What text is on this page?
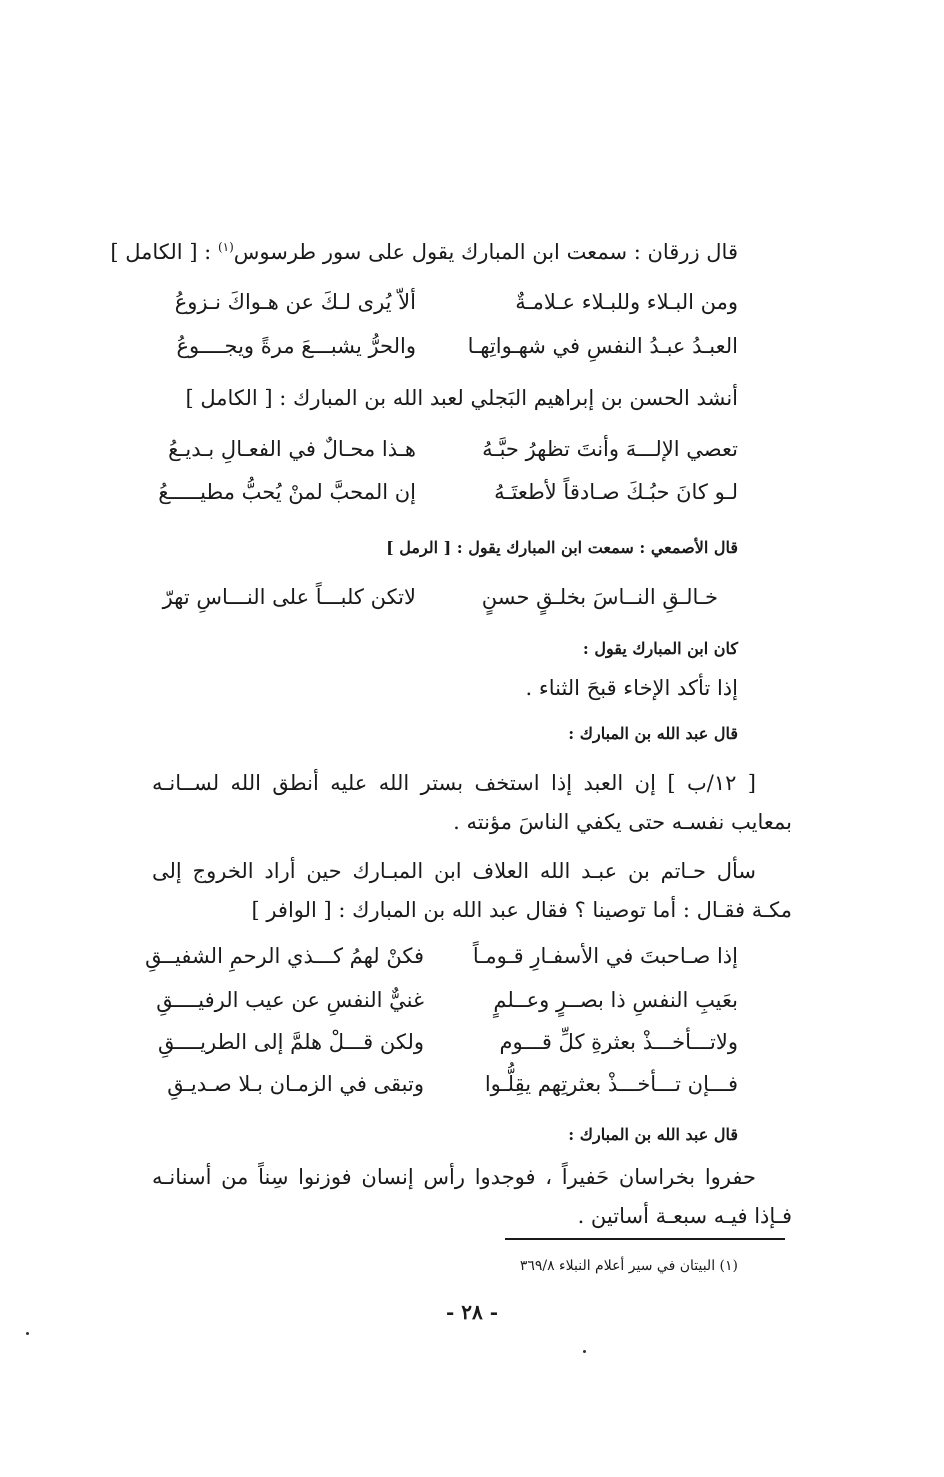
قال زرقان : سمعت ابن المبارك يقول على سور طرسوس$^{(١)}$ : [ الكامل ]
ومن البـلاء وللبـلاء عـلامـةٌ
ألاّ يُرى لـكَ عن هـواكَ نـزوعُ
العبـدُ عبـدُ النفسِ في شهـواتِهـا
والحرُّ يشبـــعَ مرةً ويجــــوعُ
أنشد الحسن بن إبراهيم البَجلي لعبد الله بن المبارك : [ الكامل ]
تعصي الإلـــهَ وأنتَ تظهرُ حبَّـهُ
هـذا محـالٌ في الفعـالِ بـديـعُ
لـو كانَ حبُـكَ صـادقاً لأطعتَـهُ
إن المحبَّ لمنْ يُحبُّ مطيـــــعُ
قال الأصمعي : سمعت ابن المبارك يقول : [ الرمل ]
خـالـقِ النــاسَ بخلـقٍ حسنٍ
لاتكن كلبـــاً على النـــاسِ تهرّ
كان ابن المبارك يقول :
إذا تأكد الإخاء قبحَ الثناء .
قال عبد الله بن المبارك :
[ ١٢/ب ] إن العبد إذا استخف بستر الله عليه أنطق الله لســانـه بمعايب نفسـه حتى يكفي الناسَ مؤنته .
سأل حـاتم بن عبـد الله العلاف ابن المبـارك حين أراد الخروج إلى مكـة فقـال : أما توصينا ؟ فقال عبد الله بن المبارك : [ الوافر ]
إذا صـاحبتَ في الأسفـارِ قـومـاً
فكنْ لهمُ كـــذي الرحمِ الشفيــقِ
بعَيبِ النفسِ ذا بصــرٍ وعــلمٍ
غنيٌّ النفسِ عن عيب الرفيــــقِ
ولاتـــأخـــذْ بعثرةِ كلِّ قـــوم
ولكن قـــلْ هلمَّ إلى الطريــــقِ
فـــإن تـــأخـــذْ بعثرتِهم يقِلُّـوا
وتبقى في الزمـان بـلا صـديـقِ
قال عبد الله بن المبارك :
حفروا بخراسان حَفيراً ، فوجدوا رأس إنسان فوزنوا سِناً من أسنانـه فـإذا فيـه سبعـة أساتين .
(١) البيتان في سير أعلام النبلاء ٣٦٩/٨
- ٢٨ -
